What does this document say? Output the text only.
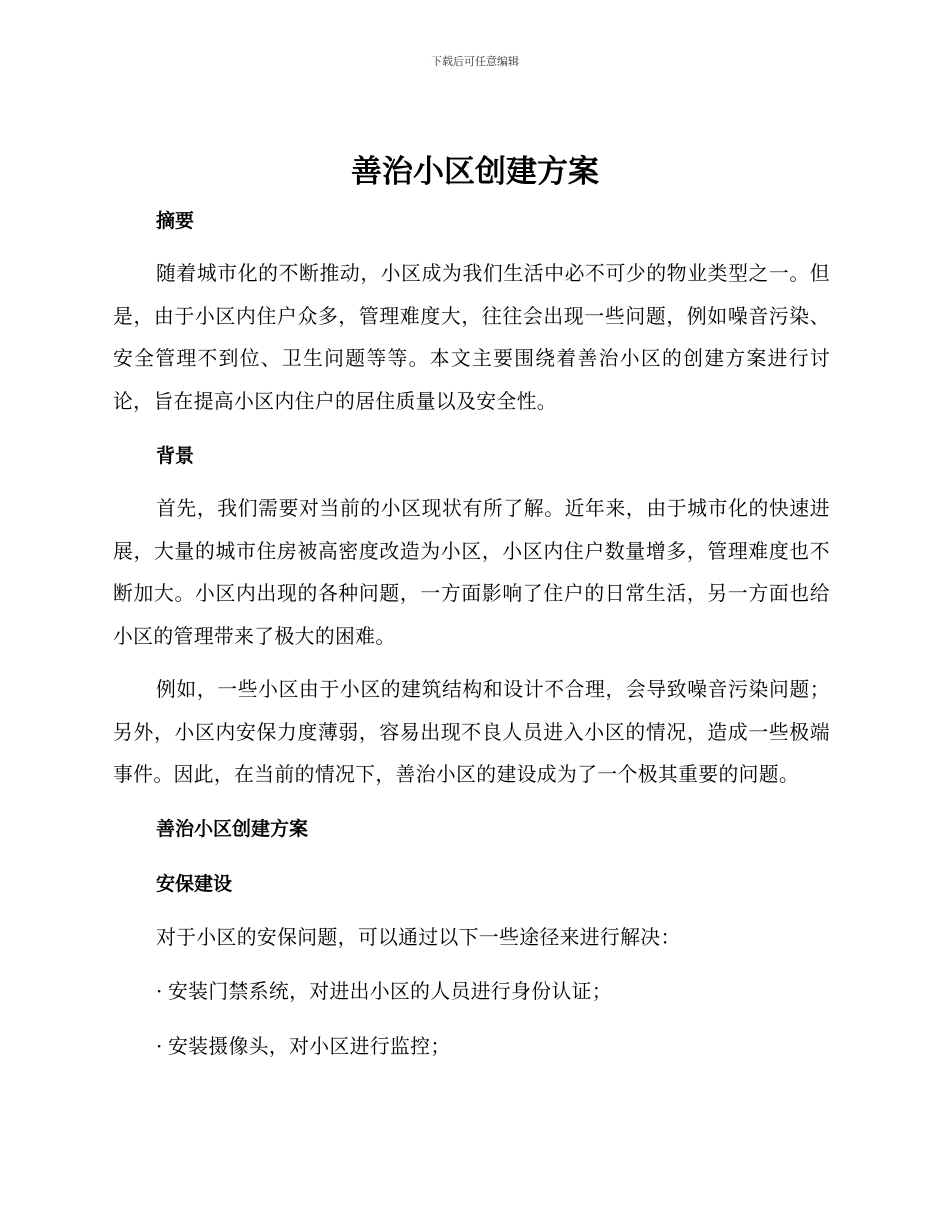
下载后可任意编辑
善治小区创建方案
摘要

随着城市化的不断推动，小区成为我们生活中必不可少的物业类型之一。但是，由于小区内住户众多，管理难度大，往往会出现一些问题，例如噪音污染、安全管理不到位、卫生问题等等。本文主要围绕着善治小区的创建方案进行讨论，旨在提高小区内住户的居住质量以及安全性。

背景

首先，我们需要对当前的小区现状有所了解。近年来，由于城市化的快速进展，大量的城市住房被高密度改造为小区，小区内住户数量增多，管理难度也不断加大。小区内出现的各种问题，一方面影响了住户的日常生活，另一方面也给小区的管理带来了极大的困难。

例如，一些小区由于小区的建筑结构和设计不合理，会导致噪音污染问题；另外，小区内安保力度薄弱，容易出现不良人员进入小区的情况，造成一些极端事件。因此，在当前的情况下，善治小区的建设成为了一个极其重要的问题。

善治小区创建方案
安保建设

对于小区的安保问题，可以通过以下一些途径来进行解决：

· 安装门禁系统，对进出小区的人员进行身份认证；
· 安装摄像头，对小区进行监控；
